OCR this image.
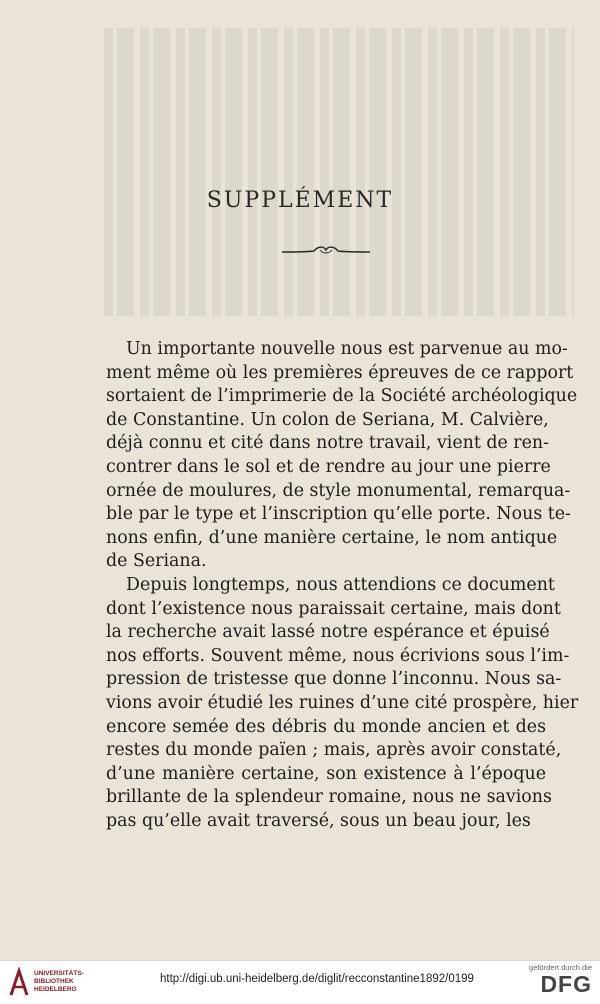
SUPPLÉMENT
Un importante nouvelle nous est parvenue au mo-
ment même où les premières épreuves de ce rapport
sortaient de l’imprimerie de la Société archéologique
de Constantine. Un colon de Seriana, M. Calvière,
déjà connu et cité dans notre travail, vient de ren-
contrer dans le sol et de rendre au jour une pierre
ornée de moulures, de style monumental, remarqua-
ble par le type et l’inscription qu’elle porte. Nous te-
nons enfin, d’une manière certaine, le nom antique
de Seriana.
Depuis longtemps, nous attendions ce document
dont l’existence nous paraissait certaine, mais dont
la recherche avait lassé notre espérance et épuisé
nos efforts. Souvent même, nous écrivions sous l’im-
pression de tristesse que donne l’inconnu. Nous sa-
vions avoir étudié les ruines d’une cité prospère, hier
encore semée des débris du monde ancien et des
restes du monde païen ; mais, après avoir constaté,
d’une manière certaine, son existence à l’époque
brillante de la splendeur romaine, nous ne savions
pas qu’elle avait traversé, sous un beau jour, les
UNIVERSITÄTS-
BIBLIOTHEK
HEIDELBERG
http://digi.ub.uni-heidelberg.de/diglit/recconstantine1892/0199
gefördert durch die
DFG
